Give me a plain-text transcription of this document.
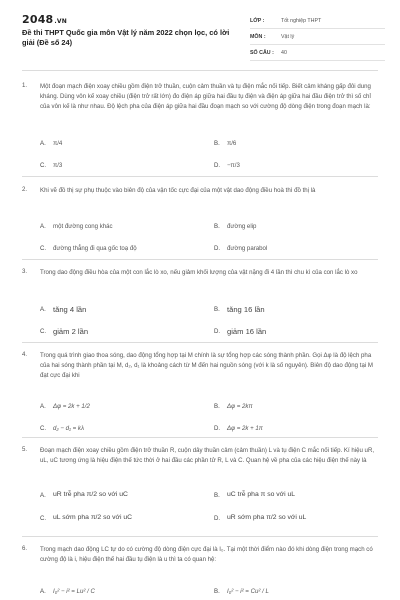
2048.VN
Đề thi THPT Quốc gia môn Vật lý năm 2022 chọn lọc, có lời giải (Đề số 24)
LỚP :	Tốt nghiệp THPT
MÔN :	Vật lý
SỐ CÂU :	40
1. Một đoạn mạch điện xoay chiều gồm điện trở thuần, cuộn cảm thuần và tụ điện mắc nối tiếp. Biết cảm kháng gấp đôi dung kháng. Dùng vôn kế xoay chiều (điện trở rất lớn) đo điện áp giữa hai đầu tụ điện và điện áp giữa hai đầu điện trở thì số chỉ của vôn kế là như nhau. Độ lệch pha của điện áp giữa hai đầu đoạn mạch so với cường độ dòng điện trong đoạn mạch là:
A. π/4	B. π/6
C. π/3	D. −π/3
2. Khi vẽ đồ thị sự phụ thuộc vào biên độ của vận tốc cực đại của một vật dao động điều hoà thì đồ thị là
A. một đường cong khác	B. đường elip
C. đường thẳng đi qua gốc toạ độ	D. đường parabol
3. Trong dao động điều hòa của một con lắc lò xo, nếu giảm khối lượng của vật nặng đi 4 lần thì chu kì của con lắc lò xo
A. tăng 4 lần	B. tăng 16 lần
C. giảm 2 lần	D. giảm 16 lần
4. Trong quá trình giao thoa sóng, dao động tổng hợp tại M chính là sự tổng hợp các sóng thành phần. Gọi Δφ là độ lệch pha của hai sóng thành phần tại M, d₂, d₁ là khoảng cách từ M đến hai nguồn sóng (với k là số nguyên). Biên độ dao động tại M đạt cực đại khi
A. Δφ = 2k + 1/2	B. Δφ = 2kπ
C. d₂ − d₁ = kλ	D. Δφ = 2k + 1π
5. Đoạn mạch điện xoay chiều gồm điện trở thuần R, cuộn dây thuần cảm (cảm thuần) L và tụ điện C mắc nối tiếp. Kí hiệu uR, uL, uC tương ứng là hiệu điện thế tức thời ở hai đầu các phần tử R, L và C. Quan hệ về pha của các hiệu điện thế này là
A. uR trễ pha π/2 so với uC	B. uC trễ pha π so với uL
C. uL sớm pha π/2 so với uC	D. uR sớm pha π/2 so với uL
6. Trong mạch dao động LC tự do có cường độ dòng điện cực đại là I₀. Tại một thời điểm nào đó khi dòng điện trong mạch có cường độ là i, hiệu điện thế hai đầu tụ điện là u thì ta có quan hệ:
A. I₀² − i² = Lu² / C	B. I₀² − i² = Cu² / L
